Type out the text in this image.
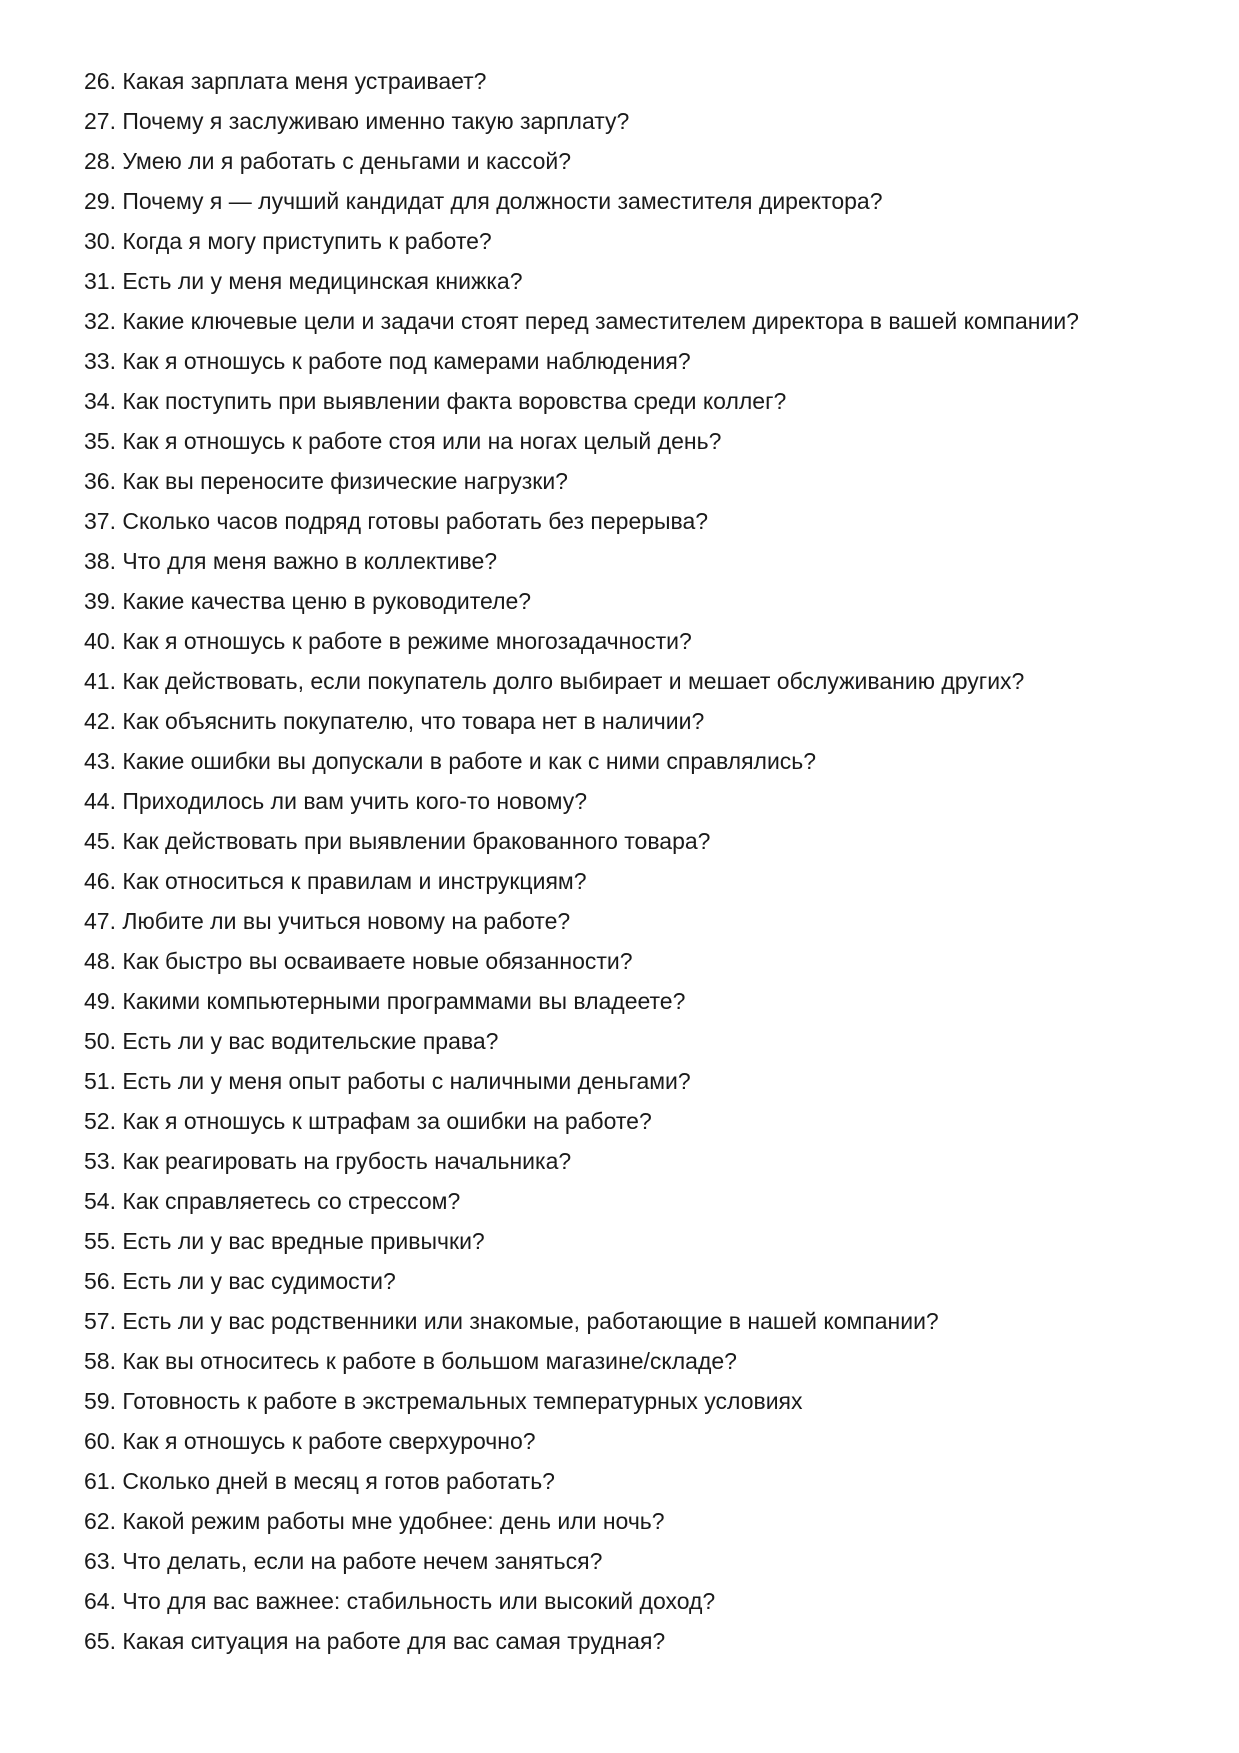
26. Какая зарплата меня устраивает?
27. Почему я заслуживаю именно такую зарплату?
28. Умею ли я работать с деньгами и кассой?
29. Почему я — лучший кандидат для должности заместителя директора?
30. Когда я могу приступить к работе?
31. Есть ли у меня медицинская книжка?
32. Какие ключевые цели и задачи стоят перед заместителем директора в вашей компании?
33. Как я отношусь к работе под камерами наблюдения?
34. Как поступить при выявлении факта воровства среди коллег?
35. Как я отношусь к работе стоя или на ногах целый день?
36. Как вы переносите физические нагрузки?
37. Сколько часов подряд готовы работать без перерыва?
38. Что для меня важно в коллективе?
39. Какие качества ценю в руководителе?
40. Как я отношусь к работе в режиме многозадачности?
41. Как действовать, если покупатель долго выбирает и мешает обслуживанию других?
42. Как объяснить покупателю, что товара нет в наличии?
43. Какие ошибки вы допускали в работе и как с ними справлялись?
44. Приходилось ли вам учить кого-то новому?
45. Как действовать при выявлении бракованного товара?
46. Как относиться к правилам и инструкциям?
47. Любите ли вы учиться новому на работе?
48. Как быстро вы осваиваете новые обязанности?
49. Какими компьютерными программами вы владеете?
50. Есть ли у вас водительские права?
51. Есть ли у меня опыт работы с наличными деньгами?
52. Как я отношусь к штрафам за ошибки на работе?
53. Как реагировать на грубость начальника?
54. Как справляетесь со стрессом?
55. Есть ли у вас вредные привычки?
56. Есть ли у вас судимости?
57. Есть ли у вас родственники или знакомые, работающие в нашей компании?
58. Как вы относитесь к работе в большом магазине/складе?
59. Готовность к работе в экстремальных температурных условиях
60. Как я отношусь к работе сверхурочно?
61. Сколько дней в месяц я готов работать?
62. Какой режим работы мне удобнее: день или ночь?
63. Что делать, если на работе нечем заняться?
64. Что для вас важнее: стабильность или высокий доход?
65. Какая ситуация на работе для вас самая трудная?
